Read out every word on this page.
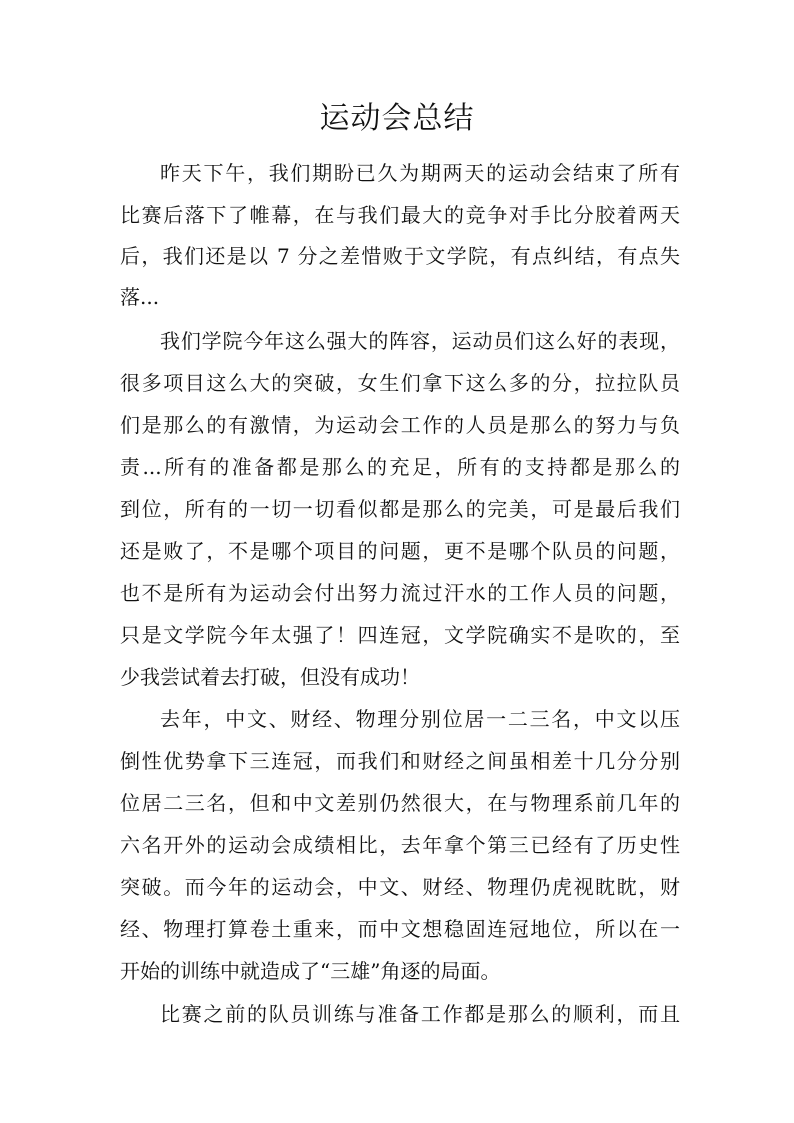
运动会总结

昨天下午，我们期盼已久为期两天的运动会结束了所有

比赛后落下了帷幕，在与我们最大的竞争对手比分胶着两天

后，我们还是以 7 分之差惜败于文学院，有点纠结，有点失

落...

我们学院今年这么强大的阵容，运动员们这么好的表现，

很多项目这么大的突破，女生们拿下这么多的分，拉拉队员

们是那么的有激情，为运动会工作的人员是那么的努力与负

责...所有的准备都是那么的充足，所有的支持都是那么的

到位，所有的一切一切看似都是那么的完美，可是最后我们

还是败了，不是哪个项目的问题，更不是哪个队员的问题，

也不是所有为运动会付出努力流过汗水的工作人员的问题，

只是文学院今年太强了！四连冠，文学院确实不是吹的，至

少我尝试着去打破，但没有成功！

去年，中文、财经、物理分别位居一二三名，中文以压

倒性优势拿下三连冠，而我们和财经之间虽相差十几分分别

位居二三名，但和中文差别仍然很大，在与物理系前几年的

六名开外的运动会成绩相比，去年拿个第三已经有了历史性

突破。而今年的运动会，中文、财经、物理仍虎视眈眈，财

经、物理打算卷土重来，而中文想稳固连冠地位，所以在一

开始的训练中就造成了“三雄”角逐的局面。

比赛之前的队员训练与准备工作都是那么的顺利，而且
